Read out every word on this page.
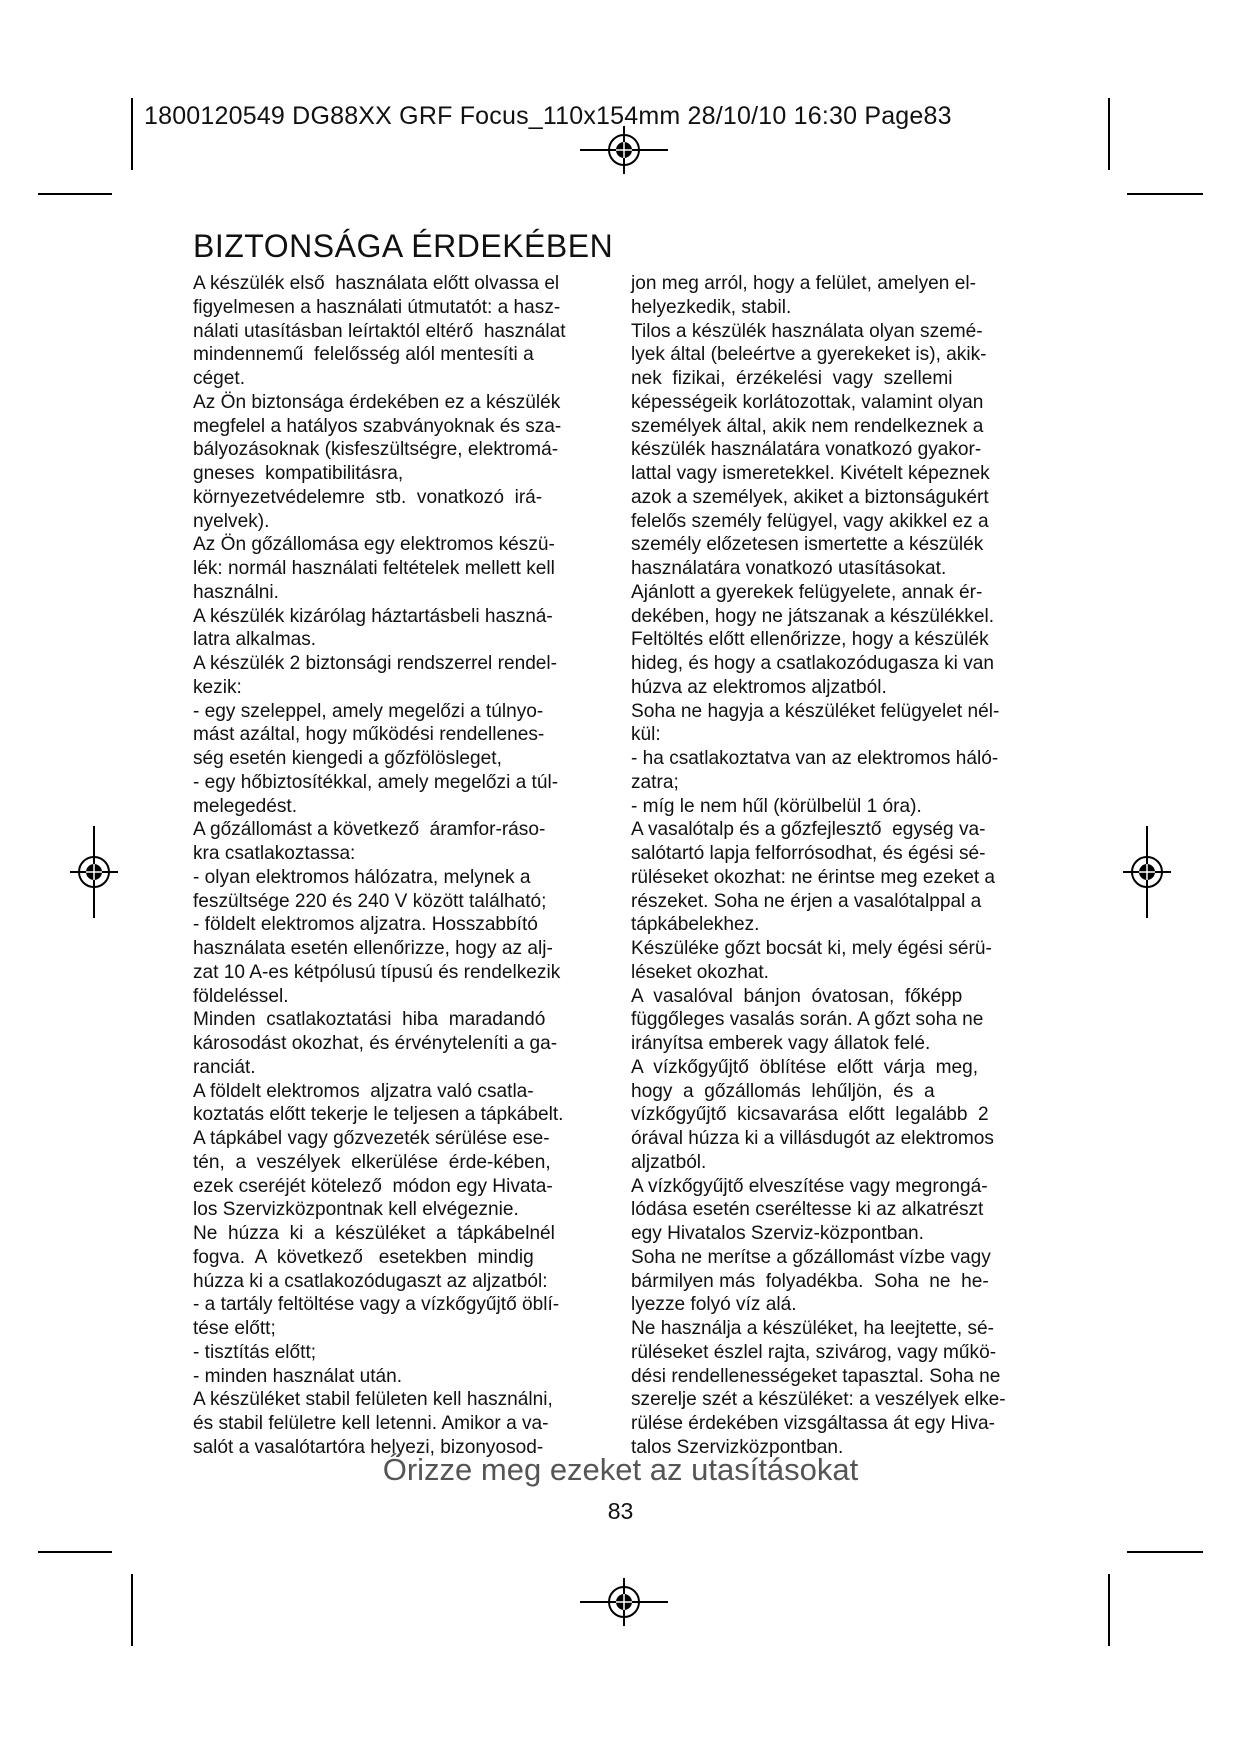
1800120549 DG88XX GRF Focus_110x154mm 28/10/10 16:30 Page83
BIZTONSÁGA ÉRDEKÉBEN
A készülék első  használata előtt olvassa el
figyelmesen a használati útmutatót: a hasz-
nálati utasításban leírtaktól eltérő  használat
mindennemű  felelősség alól mentesíti a
céget.
Az Ön biztonsága érdekében ez a készülék
megfelel a hatályos szabványoknak és sza-
bályozásoknak (kisfeszültségre, elektromá-
gneses  kompatibilitásra,
környezetvédelemre  stb.  vonatkozó  irá-
nyelvek).
Az Ön gőzállomása egy elektromos készü-
lék: normál használati feltételek mellett kell
használni.
A készülék kizárólag háztartásbeli haszná-
latra alkalmas.
A készülék 2 biztonsági rendszerrel rendel-
kezik:
- egy szeleppel, amely megelőzi a túlnyo-
mást azáltal, hogy működési rendellenes-
ség esetén kiengedi a gőzfölösleget,
- egy hőbiztosítékkal, amely megelőzi a túl-
melegedést.
A gőzállomást a következő  áramfor-ráso-
kra csatlakoztassa:
- olyan elektromos hálózatra, melynek a
feszültsége 220 és 240 V között található;
- földelt elektromos aljzatra. Hosszabbító
használata esetén ellenőrizze, hogy az alj-
zat 10 A-es kétpólusú típusú és rendelkezik
földeléssel.
Minden  csatlakoztatási  hiba  maradandó
károsodást okozhat, és érvényteleníti a ga-
ranciát.
A földelt elektromos  aljzatra való csatla-
koztatás előtt tekerje le teljesen a tápkábelt.
A tápkábel vagy gőzvezeték sérülése ese-
tén,  a  veszélyek  elkerülése  érde-kében,
ezek cseréjét kötelező  módon egy Hivata-
los Szervizközpontnak kell elvégeznie.
Ne  húzza  ki  a  készüléket  a  tápkábelnél
fogva.  A  következő   esetekben  mindig
húzza ki a csatlakozódugaszt az aljzatból:
- a tartály feltöltése vagy a vízkőgyűjtő öblí-
tése előtt;
- tisztítás előtt;
- minden használat után.
A készüléket stabil felületen kell használni,
és stabil felületre kell letenni. Amikor a va-
salót a vasalótartóra helyezi, bizonyosod-
jon meg arról, hogy a felület, amelyen el-
helyezkedik, stabil.
Tilos a készülék használata olyan szemé-
lyek által (beleértve a gyerekeket is), akik-
nek  fizikai,  érzékelési  vagy  szellemi
képességeik korlátozottak, valamint olyan
személyek által, akik nem rendelkeznek a
készülék használatára vonatkozó gyakor-
lattal vagy ismeretekkel. Kivételt képeznek
azok a személyek, akiket a biztonságukért
felelős személy felügyel, vagy akikkel ez a
személy előzetesen ismertette a készülék
használatára vonatkozó utasításokat.
Ajánlott a gyerekek felügyelete, annak ér-
dekében, hogy ne játszanak a készülékkel.
Feltöltés előtt ellenőrizze, hogy a készülék
hideg, és hogy a csatlakozódugasza ki van
húzva az elektromos aljzatból.
Soha ne hagyja a készüléket felügyelet nél-
kül:
- ha csatlakoztatva van az elektromos háló-
zatra;
- míg le nem hűl (körülbelül 1 óra).
A vasalótalp és a gőzfejlesztő  egység va-
salótartó lapja felforrósodhat, és égési sé-
rüléseket okozhat: ne érintse meg ezeket a
részeket. Soha ne érjen a vasalótalppal a
tápkábelekhez.
Készüléke gőzt bocsát ki, mely égési sérü-
léseket okozhat.
A  vasalóval  bánjon  óvatosan,  főképp
függőleges vasalás során. A gőzt soha ne
irányítsa emberek vagy állatok felé.
A  vízkőgyűjtő  öblítése  előtt  várja  meg,
hogy  a  gőzállomás  lehűljön,  és  a
vízkőgyűjtő  kicsavarása  előtt  legalább  2
órával húzza ki a villásdugót az elektromos
aljzatból.
A vízkőgyűjtő elveszítése vagy megrongá-
lódása esetén cseréltesse ki az alkatrészt
egy Hivatalos Szerviz-központban.
Soha ne merítse a gőzállomást vízbe vagy
bármilyen más  folyadékba.  Soha  ne  he-
lyezze folyó víz alá.
Ne használja a készüléket, ha leejtette, sé-
rüléseket észlel rajta, szivárog, vagy műkö-
dési rendellenességeket tapasztal. Soha ne
szerelje szét a készüléket: a veszélyek elke-
rülése érdekében vizsgáltassa át egy Hiva-
talos Szervizközpontban.
Őrizze meg ezeket az utasításokat
83
